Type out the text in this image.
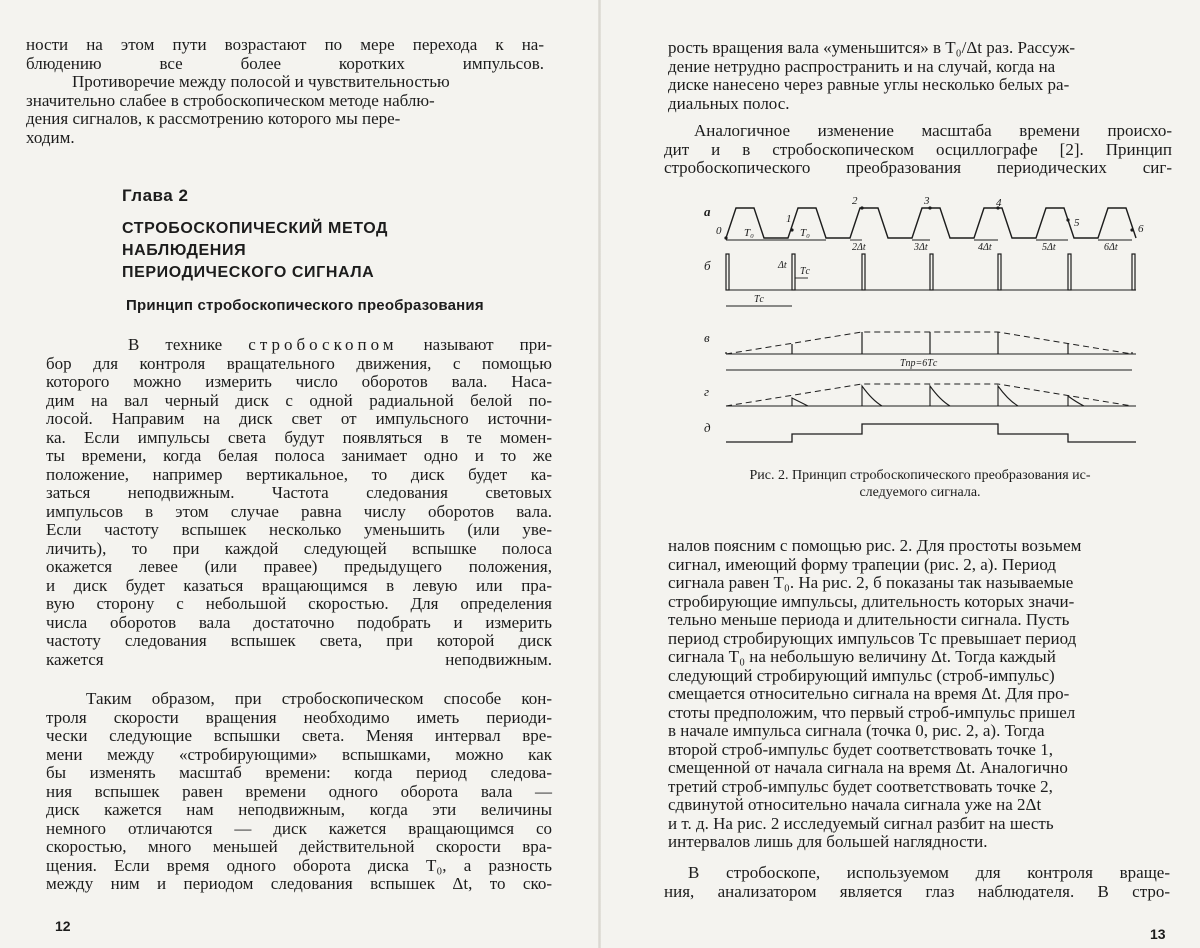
ности на этом пути возрастают по мере перехода к на-
блюдению все более коротких импульсов.

Противоречие между полосой и чувствительностью
значительно слабее в стробоскопическом методе наблю-
дения сигналов, к рассмотрению которого мы пере-
ходим.

Глава 2
СТРОБОСКОПИЧЕСКИЙ МЕТОД НАБЛЮДЕНИЯ
ПЕРИОДИЧЕСКОГО СИГНАЛА
Принцип стробоскопического преобразования

В технике стробоскопом называют при-
бор для контроля вращательного движения, с помощью
которого можно измерить число оборотов вала. Наса-
дим на вал черный диск с одной радиальной белой по-
лосой. Направим на диск свет от импульсного источни-
ка. Если импульсы света будут появляться в те момен-
ты времени, когда белая полоса занимает одно и то же
положение, например вертикальное, то диск будет ка-
заться неподвижным. Частота следования световых
импульсов в этом случае равна числу оборотов вала.
Если частоту вспышек несколько уменьшить (или уве-
личить), то при каждой следующей вспышке полоса
окажется левее (или правее) предыдущего положения,
и диск будет казаться вращающимся в левую или пра-
вую сторону с небольшой скоростью. Для определения
числа оборотов вала достаточно подобрать и измерить
частоту следования вспышек света, при которой диск
кажется неподвижным.

Таким образом, при стробоскопическом способе кон-
троля скорости вращения необходимо иметь периоди-
чески следующие вспышки света. Меняя интервал вре-
мени между «стробирующими» вспышками, можно как
бы изменять масштаб времени: когда период следова-
ния вспышек равен времени одного оборота вала —
диск кажется нам неподвижным, когда эти величины
немного отличаются — диск кажется вращающимся со
скоростью, много меньшей действительной скорости вра-
щения. Если время одного оборота диска T₀, а разность
между ним и периодом следования вспышек Δt, то ско-

12

рость вращения вала «уменьшится» в T₀/Δt раз. Рассуж-
дение нетрудно распространить и на случай, когда на
диске нанесено через равные углы несколько белых ра-
диальных полос.

Аналогичное изменение масштаба времени происхо-
дит и в стробоскопическом осциллографе [2]. Принцип
стробоскопического преобразования периодических сиг-

налов поясним с помощью рис. 2. Для простоты возьмем
сигнал, имеющий форму трапеции (рис. 2, а). Период
сигнала равен T₀. На рис. 2, б показаны так называемые
стробирующие импульсы, длительность которых значи-
тельно меньше периода и длительности сигнала. Пусть
период стробирующих импульсов Tс превышает период
сигнала T₀ на небольшую величину Δt. Тогда каждый
следующий стробирующий импульс (строб-импульс)
смещается относительно сигнала на время Δt. Для про-
стоты предположим, что первый строб-импульс пришел
в начале импульса сигнала (точка 0, рис. 2, а). Тогда
второй строб-импульс будет соответствовать точке 1,
смещенной от начала сигнала на время Δt. Аналогично
третий строб-импульс будет соответствовать точке 2,
сдвинутой относительно начала сигнала уже на 2Δt
и т. д. На рис. 2 исследуемый сигнал разбит на шесть
интервалов лишь для большей наглядности.

В стробоскопе, используемом для контроля враще-
ния, анализатором является глаз наблюдателя. В стро-

13
а
б
в
г
д
0
1
2	3	4
5	6
T₀	T₀
2Δt	3Δt	4Δt	5Δt	6Δt
Tс
Δt
Tс
Tпр=6Tс

Рис. 2. Принцип стробоскопического преобразования ис-
следуемого сигнала.
